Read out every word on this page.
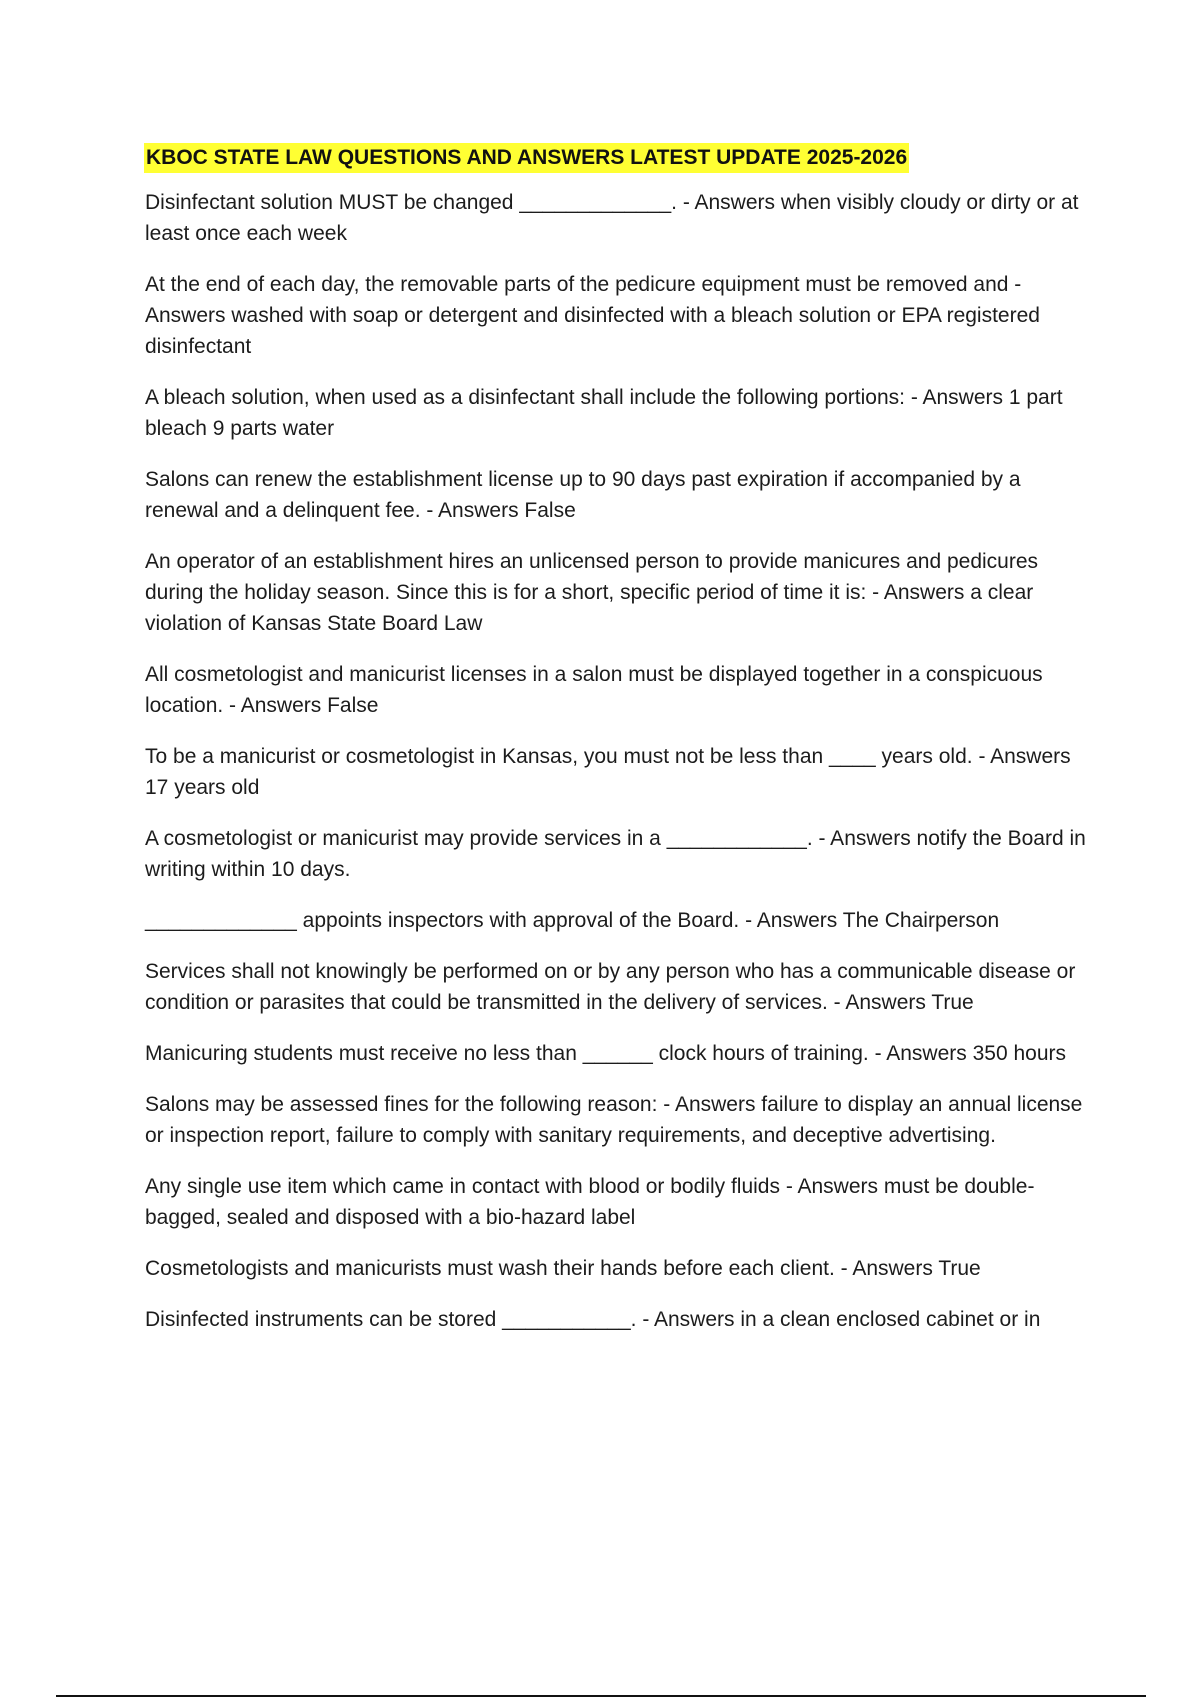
KBOC STATE LAW QUESTIONS AND ANSWERS LATEST UPDATE 2025-2026

Disinfectant solution MUST be changed _____________. - Answers when visibly cloudy or dirty or at least once each week

At the end of each day, the removable parts of the pedicure equipment must be removed and - Answers washed with soap or detergent and disinfected with a bleach solution or EPA registered disinfectant

A bleach solution, when used as a disinfectant shall include the following portions: - Answers 1 part bleach 9 parts water

Salons can renew the establishment license up to 90 days past expiration if accompanied by a renewal and a delinquent fee. - Answers False

An operator of an establishment hires an unlicensed person to provide manicures and pedicures during the holiday season. Since this is for a short, specific period of time it is: - Answers a clear violation of Kansas State Board Law

All cosmetologist and manicurist licenses in a salon must be displayed together in a conspicuous location. - Answers False

To be a manicurist or cosmetologist in Kansas, you must not be less than ____ years old. - Answers 17 years old

A cosmetologist or manicurist may provide services in a ____________. - Answers notify the Board in writing within 10 days.

_____________ appoints inspectors with approval of the Board. - Answers The Chairperson

Services shall not knowingly be performed on or by any person who has a communicable disease or condition or parasites that could be transmitted in the delivery of services. - Answers True

Manicuring students must receive no less than ______ clock hours of training. - Answers 350 hours

Salons may be assessed fines for the following reason: - Answers failure to display an annual license or inspection report, failure to comply with sanitary requirements, and deceptive advertising.

Any single use item which came in contact with blood or bodily fluids - Answers must be double-bagged, sealed and disposed with a bio-hazard label

Cosmetologists and manicurists must wash their hands before each client. - Answers True

Disinfected instruments can be stored ___________. - Answers in a clean enclosed cabinet or in
